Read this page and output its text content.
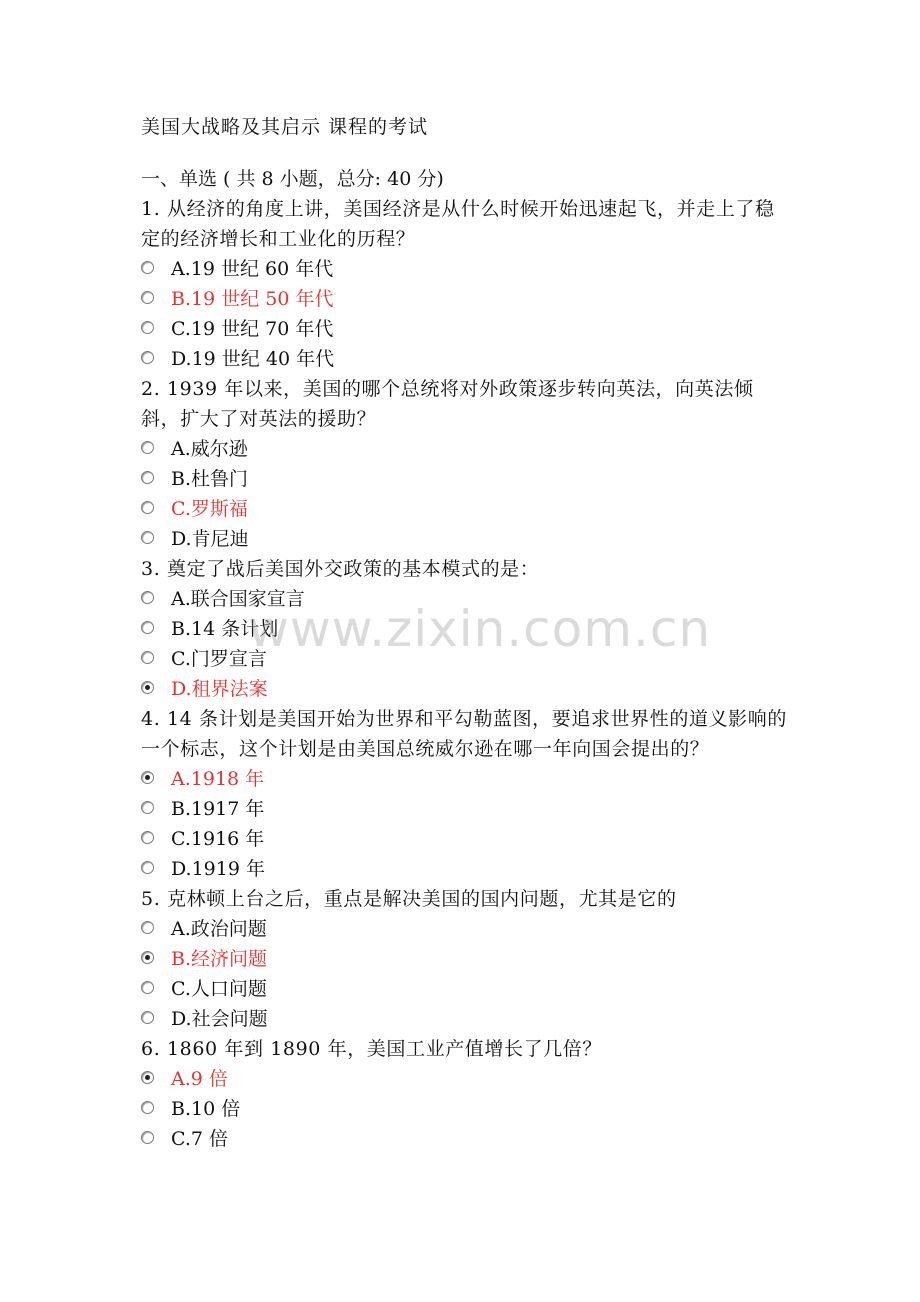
美国大战略及其启示 课程的考试
一、单选 ( 共 8 小题，总分: 40 分)
1. 从经济的角度上讲，美国经济是从什么时候开始迅速起飞，并走上了稳定的经济增长和工业化的历程？
A.19 世纪 60 年代
B.19 世纪 50 年代
C.19 世纪 70 年代
D.19 世纪 40 年代
2. 1939 年以来，美国的哪个总统将对外政策逐步转向英法，向英法倾斜，扩大了对英法的援助？
A.威尔逊
B.杜鲁门
C.罗斯福
D.肯尼迪
3. 奠定了战后美国外交政策的基本模式的是：
A.联合国家宣言
B.14 条计划
C.门罗宣言
D.租界法案
4. 14 条计划是美国开始为世界和平勾勒蓝图，要追求世界性的道义影响的一个标志，这个计划是由美国总统威尔逊在哪一年向国会提出的？
A.1918 年
B.1917 年
C.1916 年
D.1919 年
5. 克林顿上台之后，重点是解决美国的国内问题，尤其是它的
A.政治问题
B.经济问题
C.人口问题
D.社会问题
6. 1860 年到 1890 年，美国工业产值增长了几倍？
A.9 倍
B.10 倍
C.7 倍
www.zixin.com.cn
